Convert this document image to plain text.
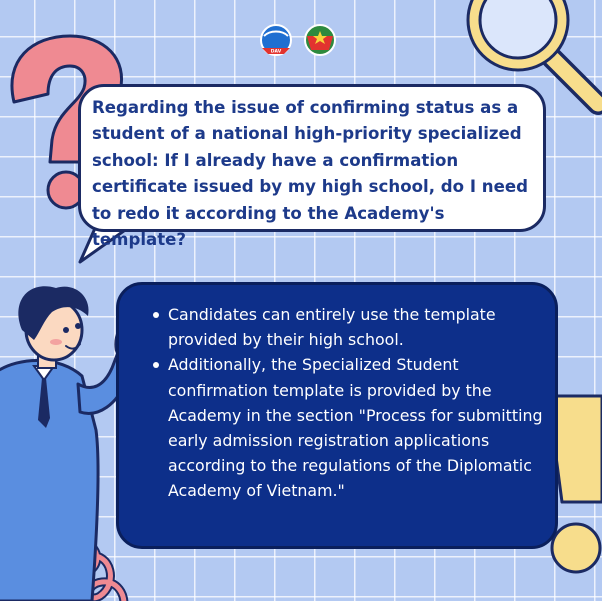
DAV

Regarding the issue of confirming status as a student of a national high-priority specialized school: If I already have a confirmation certificate issued by my high school, do I need to redo it according to the Academy's template?

Candidates can entirely use the template provided by their high school.
Additionally, the Specialized Student confirmation template is provided by the Academy in the section "Process for submitting early admission registration applications according to the regulations of the Diplomatic Academy of Vietnam."
